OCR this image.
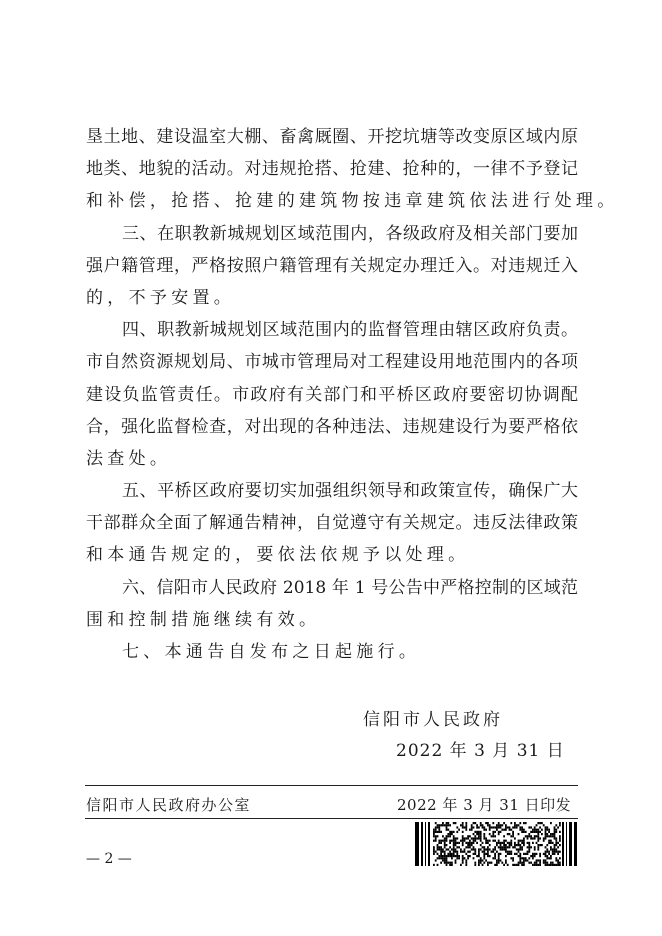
垦土地、建设温室大棚、畜禽厩圈、开挖坑塘等改变原区域内原
地类、地貌的活动。对违规抢搭、抢建、抢种的，一律不予登记
和补偿，抢搭、抢建的建筑物按违章建筑依法进行处理。
三、在职教新城规划区域范围内，各级政府及相关部门要加
强户籍管理，严格按照户籍管理有关规定办理迁入。对违规迁入
的，不予安置。
四、职教新城规划区域范围内的监督管理由辖区政府负责。
市自然资源规划局、市城市管理局对工程建设用地范围内的各项
建设负监管责任。市政府有关部门和平桥区政府要密切协调配
合，强化监督检查，对出现的各种违法、违规建设行为要严格依
法查处。
五、平桥区政府要切实加强组织领导和政策宣传，确保广大
干部群众全面了解通告精神，自觉遵守有关规定。违反法律政策
和本通告规定的，要依法依规予以处理。
六、信阳市人民政府 2018 年 1 号公告中严格控制的区域范
围和控制措施继续有效。
七、本通告自发布之日起施行。
信阳市人民政府
2022 年 3 月 31 日
信阳市人民政府办公室	2022 年 3 月 31 日印发
— 2 —
